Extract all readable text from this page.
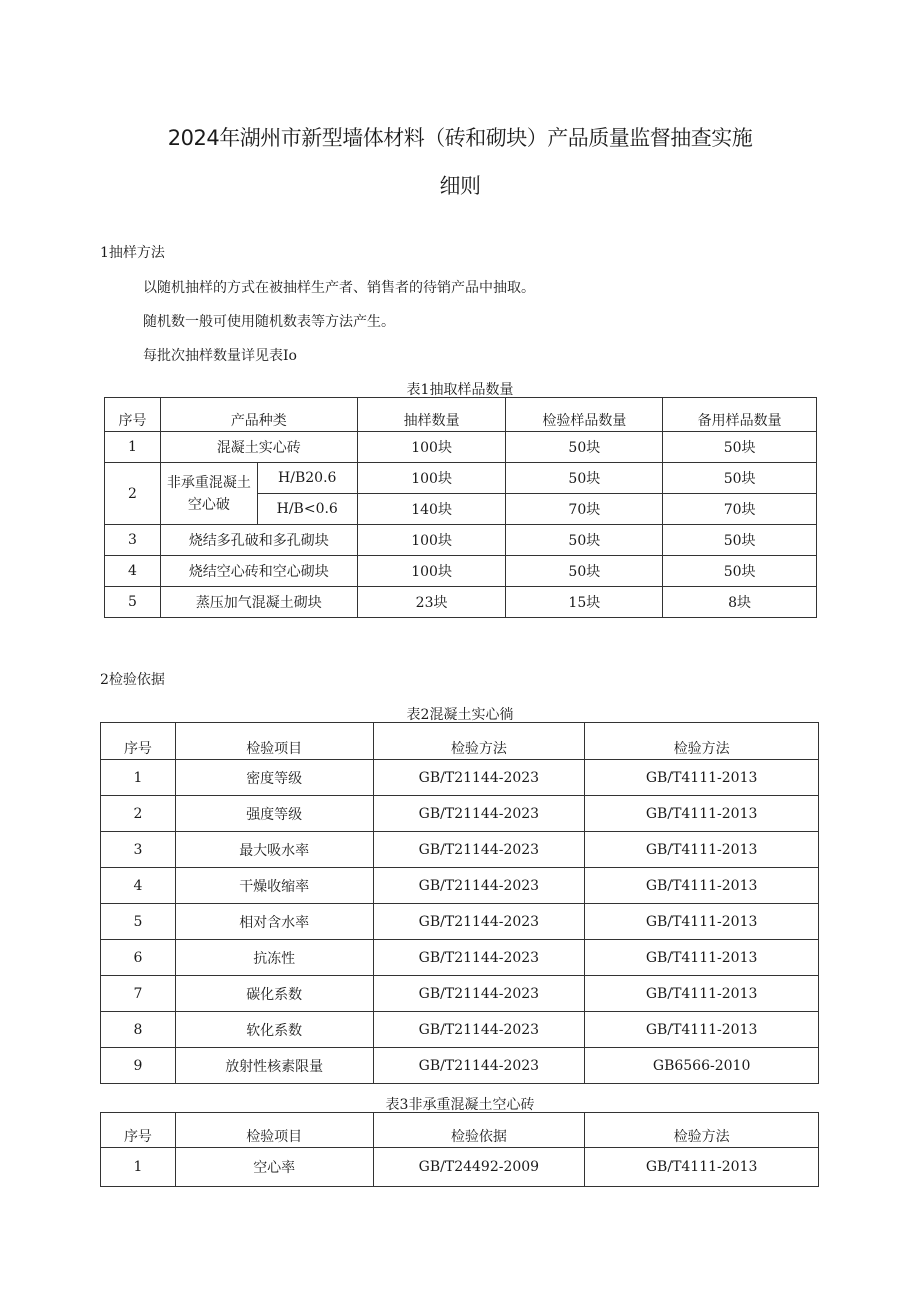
2024年湖州市新型墙体材料（砖和砌块）产品质量监督抽查实施
细则

1抽样方法

以随机抽样的方式在被抽样生产者、销售者的待销产品中抽取。

随机数一般可使用随机数表等方法产生。

每批次抽样数量详见表Io

表1抽取样品数量

序号	产品种类		抽样数量	检验样品数量	备用样品数量
1	混凝土实心砖		100块	50块	50块
2	非承重混凝土空心破	H/B20.6	100块	50块	50块
		H/B<0.6	140块	70块	70块
3	烧结多孔破和多孔砌块		100块	50块	50块
4	烧结空心砖和空心砌块		100块	50块	50块
5	蒸压加气混凝土砌块		23块	15块	8块

2检验依据

表2混凝土实心徜

序号	检验项目	检验方法	检验方法
1	密度等级	GB/T21144-2023	GB/T4111-2013
2	强度等级	GB/T21144-2023	GB/T4111-2013
3	最大吸水率	GB/T21144-2023	GB/T4111-2013
4	干燥收缩率	GB/T21144-2023	GB/T4111-2013
5	相对含水率	GB/T21144-2023	GB/T4111-2013
6	抗冻性	GB/T21144-2023	GB/T4111-2013
7	碳化系数	GB/T21144-2023	GB/T4111-2013
8	软化系数	GB/T21144-2023	GB/T4111-2013
9	放射性核素限量	GB/T21144-2023	GB6566-2010

表3非承重混凝土空心砖

序号	检验项目	检验依据	检验方法
1	空心率	GB/T24492-2009	GB/T4111-2013
